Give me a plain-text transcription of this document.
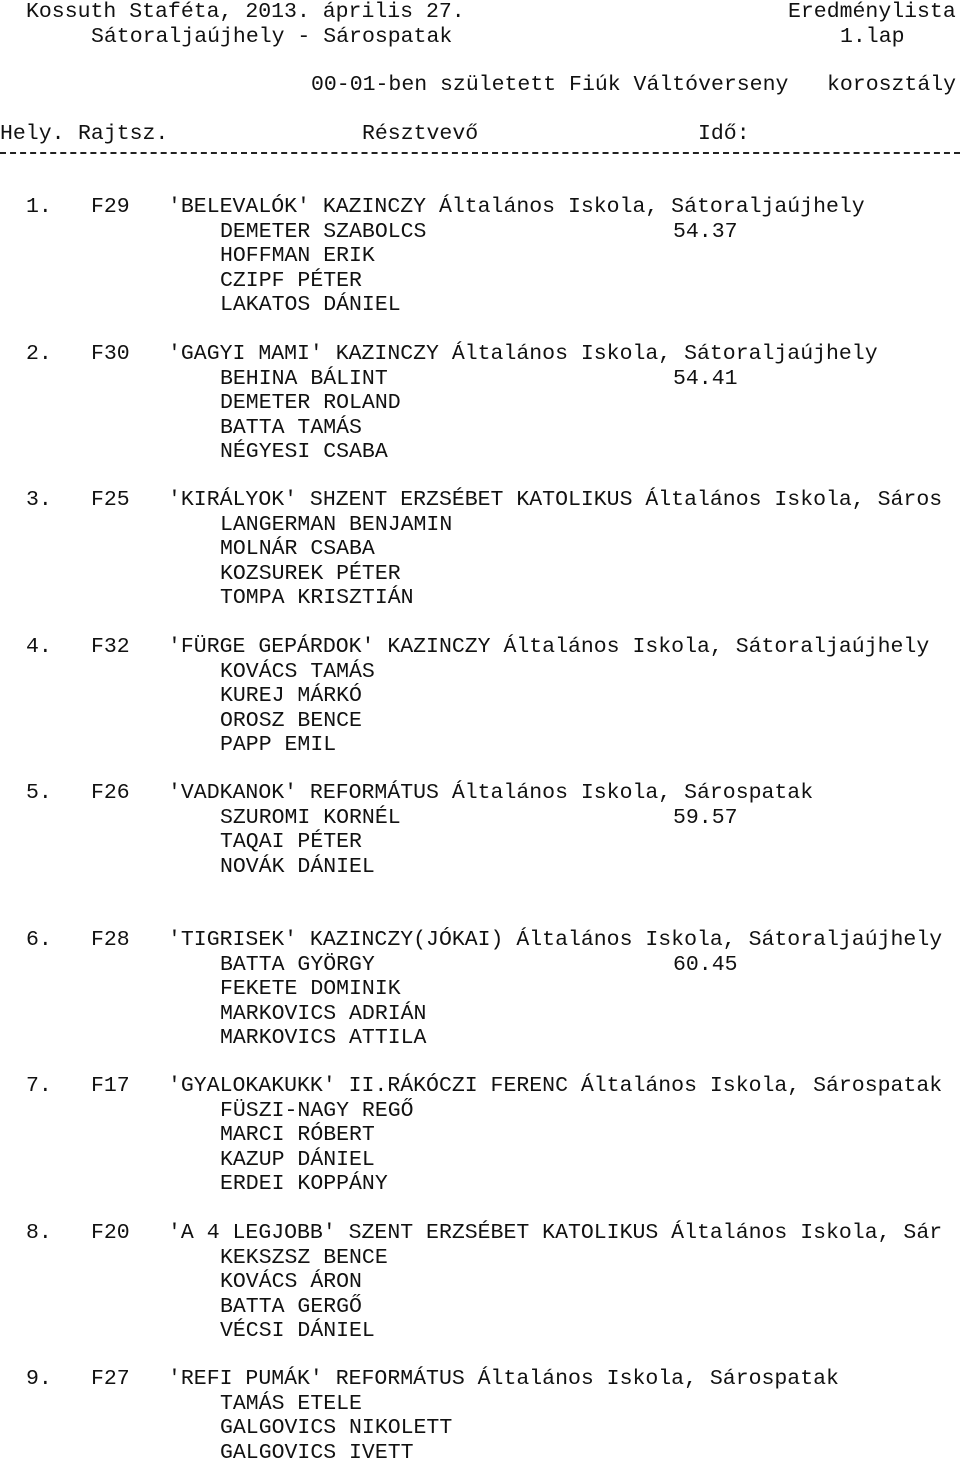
Kossuth Staféta, 2013. április 27.	Eredménylista
Sátoraljaújhely - Sárospatak	1.lap
00-01-ben született Fiúk Váltóverseny korosztály
Hely. Rajtsz.	Résztvevő	Idő:
1. F29 'BELEVALÓK' KAZINCZY Általános Iskola, Sátoraljaújhely
DEMETER SZABOLCS	54.37
HOFFMAN ERIK
CZIPF PÉTER
LAKATOS DÁNIEL
2. F30 'GAGYI MAMI' KAZINCZY Általános Iskola, Sátoraljaújhely
BEHINA BÁLINT	54.41
DEMETER ROLAND
BATTA TAMÁS
NÉGYESI CSABA
3. F25 'KIRÁLYOK' SHZENT ERZSÉBET KATOLIKUS Általános Iskola, Sáros
LANGERMAN BENJAMIN
MOLNÁR CSABA
KOZSUREK PÉTER
TOMPA KRISZTIÁN
4. F32 'FÜRGE GEPÁRDOK' KAZINCZY Általános Iskola, Sátoraljaújhely
KOVÁCS TAMÁS
KUREJ MÁRKÓ
OROSZ BENCE
PAPP EMIL
5. F26 'VADKANOK' REFORMÁTUS Általános Iskola, Sárospatak
SZUROMI KORNÉL	59.57
TAQAI PÉTER
NOVÁK DÁNIEL
6. F28 'TIGRISEK' KAZINCZY(JÓKAI) Általános Iskola, Sátoraljaújhely
BATTA GYÖRGY	60.45
FEKETE DOMINIK
MARKOVICS ADRIÁN
MARKOVICS ATTILA
7. F17 'GYALOKAKUKK' II.RÁKÓCZI FERENC Általános Iskola, Sárospatak
FÜSZI-NAGY REGŐ
MARCI RÓBERT
KAZUP DÁNIEL
ERDEI KOPPÁNY
8. F20 'A 4 LEGJOBB' SZENT ERZSÉBET KATOLIKUS Általános Iskola, Sár
KEKSZSZ BENCE
KOVÁCS ÁRON
BATTA GERGŐ
VÉCSI DÁNIEL
9. F27 'REFI PUMÁK' REFORMÁTUS Általános Iskola, Sárospatak
TAMÁS ETELE
GALGOVICS NIKOLETT
GALGOVICS IVETT
